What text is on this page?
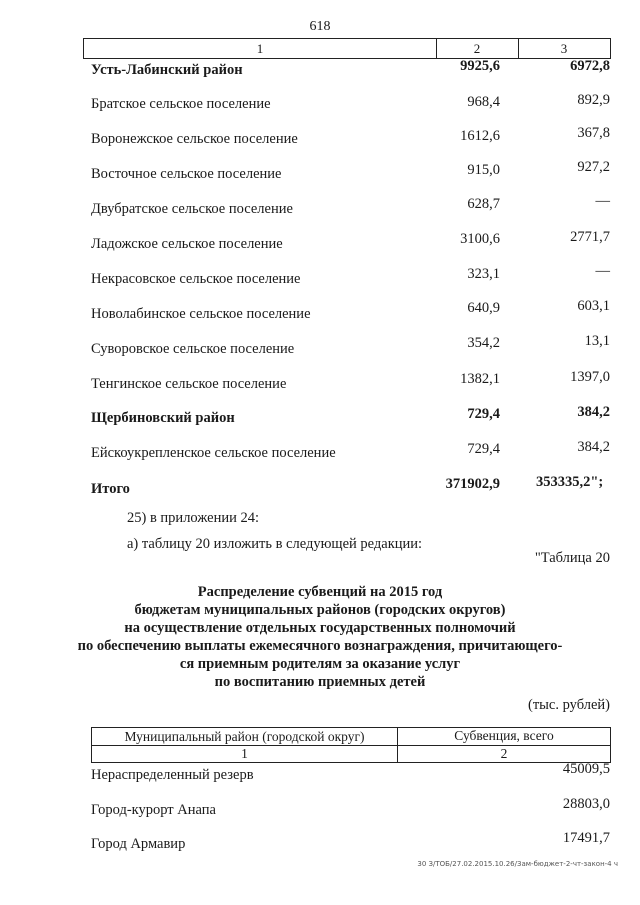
618
1	2	3
Усть-Лабинский район	9925,6	6972,8
Братское сельское поселение	968,4	892,9
Воронежское сельское поселение	1612,6	367,8
Восточное сельское поселение	915,0	927,2
Двубратское сельское поселение	628,7	—
Ладожское сельское поселение	3100,6	2771,7
Некрасовское сельское поселение	323,1	—
Новолабинское сельское поселение	640,9	603,1
Суворовское сельское поселение	354,2	13,1
Тенгинское сельское поселение	1382,1	1397,0
Щербиновский район	729,4	384,2
Ейскоукрепленское сельское поселение	729,4	384,2
Итого	371902,9 353335,2";
25) в приложении 24:
а) таблицу 20 изложить в следующей редакции:
"Таблица 20
Распределение субвенций на 2015 год
бюджетам муниципальных районов (городских округов)
на осуществление отдельных государственных полномочий
по обеспечению выплаты ежемесячного вознаграждения, причитающего-
ся приемным родителям за оказание услуг
по воспитанию приемных детей
(тыс. рублей)
Муниципальный район (городской округ)	Субвенция, всего
1	2
Нераспределенный резерв	45009,5
Город-курорт Анапа	28803,0
Город Армавир	17491,7
30 З/ТОБ/27.02.2015.10.26/Зам-бюджет-2-чт-закон-4 ч
